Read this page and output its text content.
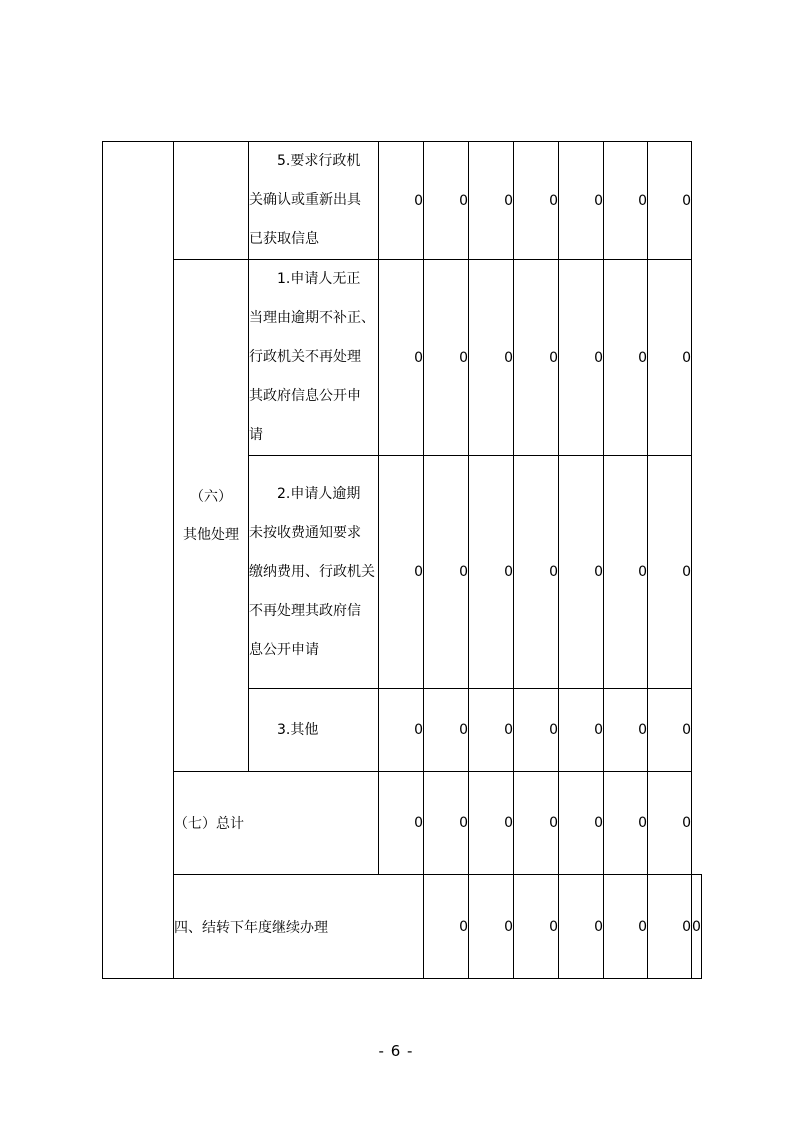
		5.要求行政机
关确认或重新出具
已获取信息	0	0	0	0	0	0	0	
	（六）
其他处理	1.申请人无正
当理由逾期不补正、
行政机关不再处理
其政府信息公开申
请	0	0	0	0	0	0	0	
		2.申请人逾期
未按收费通知要求
缴纳费用、行政机关
不再处理其政府信
息公开申请	0	0	0	0	0	0	0	
		3.其他	0	0	0	0	0	0	0	
	（七）总计		0	0	0	0	0	0	0	
	四、结转下年度继续办理			0	0	0	0	0	0	0
- 6 -
